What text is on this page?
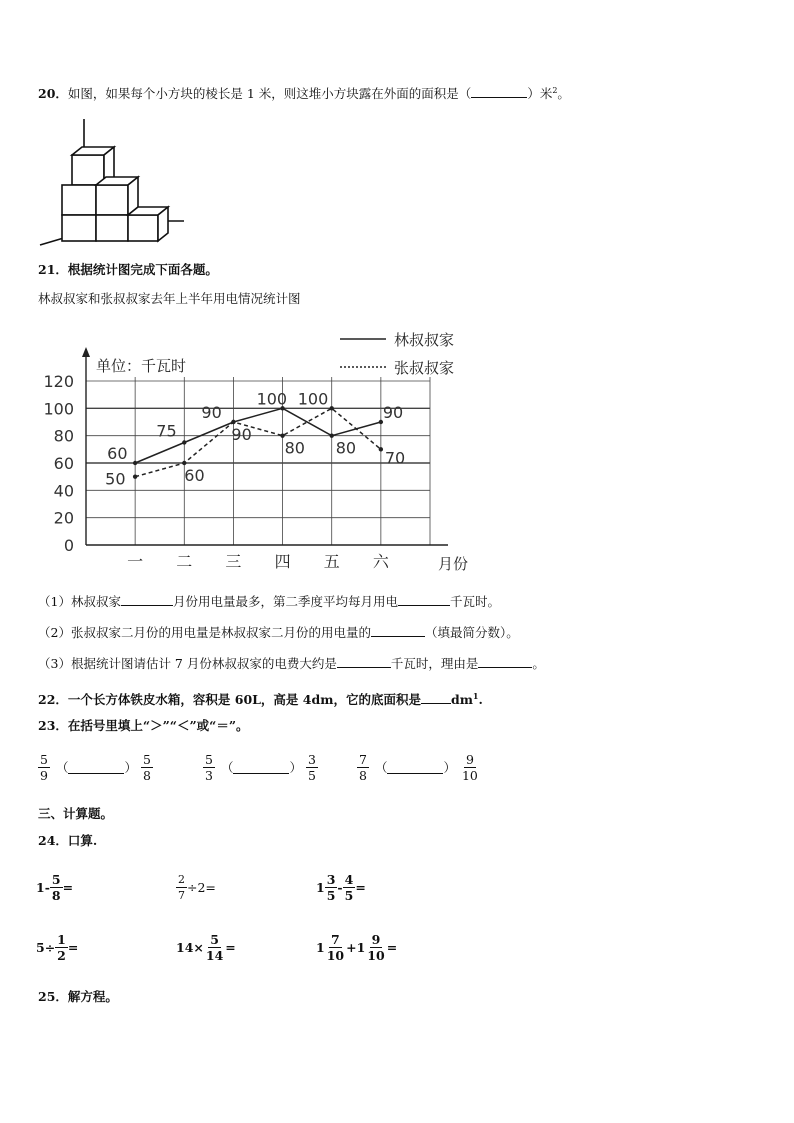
20．如图，如果每个小方块的棱长是 1 米，则这堆小方块露在外面的面积是（	）米$^2$。
21．根据统计图完成下面各题。
林叔叔家和张叔叔家去年上半年用电情况统计图
0
20
40
60
80
100
120
一 二 三 四 五 六
60
75
90
100
80
90
50	60
90
80
100
70
林叔叔家
张叔叔家
单位：千瓦时
月份
（1）林叔叔家	月份用电量最多，第二季度平均每月用电	千瓦时。
（2）张叔叔家二月份的用电量是林叔叔家二月份的用电量的	（填最简分数）。
（3）根据统计图请估计 7 月份林叔叔家的电费大约是	千瓦时，理由是	。
22．一个长方体铁皮水箱，容积是 60L，高是 4dm，它的底面积是 $dm^1$.
23．在括号里填上“＞”“＜”或“＝”。
$\frac{5}{9}$ （	） $\frac{5}{8}$	$\frac{5}{3}$ （	） $\frac{3}{5}$	$\frac{7}{8}$ （	） $\frac{9}{10}$
三、计算题。
24．口算.
$1- \frac{5}{8}$ =	$\frac{2}{7} \div 2=$	$1 \frac{3}{5} - \frac{4}{5}$ =
$5\div \frac{1}{2}$ =	$14\times \frac{5}{14}$ =	$1 \frac{7}{10} +1 \frac{9}{10}$ =
25．解方程。
